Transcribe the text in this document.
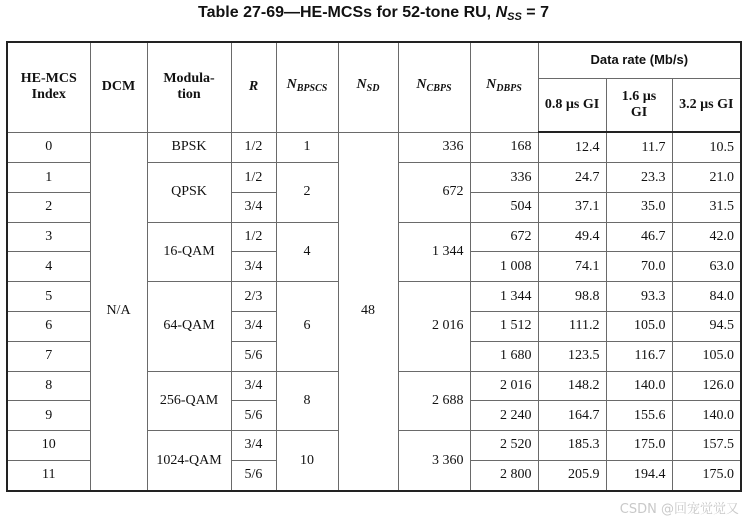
Table 27-69—HE-MCSs for 52-tone RU, $N_{SS} = 7$
HE-MCS Index	DCM	Modula-tion	R	$N_{BPSCS}$	$N_{SD}$	$N_{CBPS}$	$N_{DBPS}$	Data rate (Mb/s)		
								0.8 µs GI	1.6 µs GI	3.2 µs GI
0	N/A	BPSK	1/2	1	48	336	168	12.4	11.7	10.5
1		QPSK	1/2	2		672	336	24.7	23.3	21.0
2			3/4				504	37.1	35.0	31.5
3		16-QAM	1/2	4		1 344	672	49.4	46.7	42.0
4			3/4				1 008	74.1	70.0	63.0
5		64-QAM	2/3	6		2 016	1 344	98.8	93.3	84.0
6			3/4				1 512	111.2	105.0	94.5
7			5/6				1 680	123.5	116.7	105.0
8		256-QAM	3/4	8		2 688	2 016	148.2	140.0	126.0
9			5/6				2 240	164.7	155.6	140.0
10		1024-QAM	3/4	10		3 360	2 520	185.3	175.0	157.5
11			5/6				2 800	205.9	194.4	175.0
CSDN @回宠觉觉又
